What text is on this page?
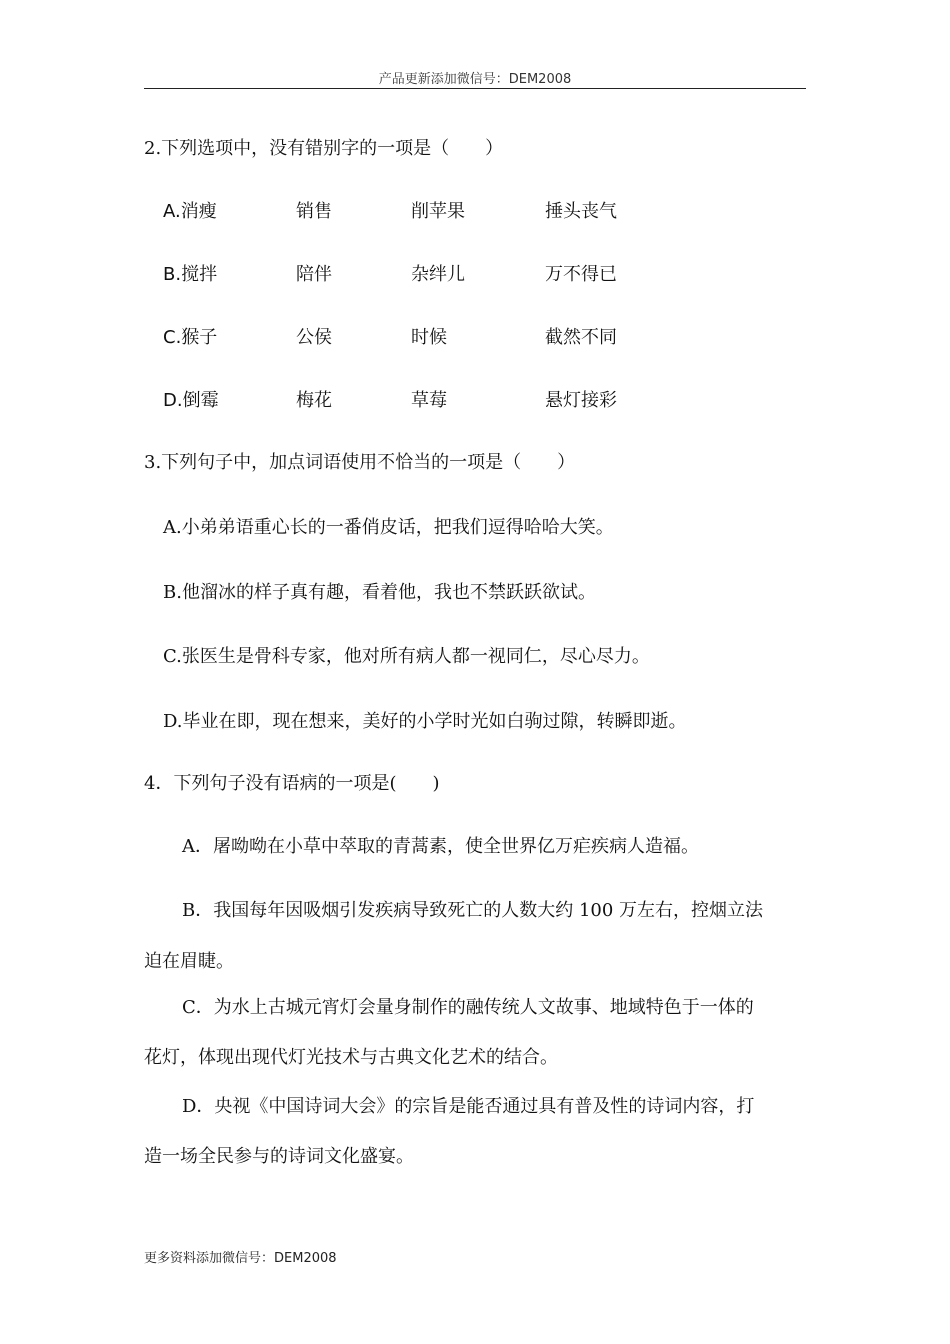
产品更新添加微信号：DEM2008
2.下列选项中，没有错别字的一项是（　　）
A.消瘦	销售	削苹果	捶头丧气
B.搅拌	陪伴	杂绊儿	万不得已
C.猴子	公侯	时候	截然不同
D.倒霉	梅花	草莓	悬灯接彩
3.下列句子中，加点词语使用不恰当的一项是（　　）
A.小弟弟语重心长的一番俏皮话，把我们逗得哈哈大笑。
B.他溜冰的样子真有趣，看着他，我也不禁跃跃欲试。
C.张医生是骨科专家，他对所有病人都一视同仁，尽心尽力。
D.毕业在即，现在想来，美好的小学时光如白驹过隙，转瞬即逝。
4．下列句子没有语病的一项是(　　)
A．屠呦呦在小草中萃取的青蒿素，使全世界亿万疟疾病人造福。
B．我国每年因吸烟引发疾病导致死亡的人数大约 100 万左右，控烟立法
迫在眉睫。
C．为水上古城元宵灯会量身制作的融传统人文故事、地域特色于一体的
花灯，体现出现代灯光技术与古典文化艺术的结合。
D．央视《中国诗词大会》的宗旨是能否通过具有普及性的诗词内容，打
造一场全民参与的诗词文化盛宴。
更多资料添加微信号：DEM2008
